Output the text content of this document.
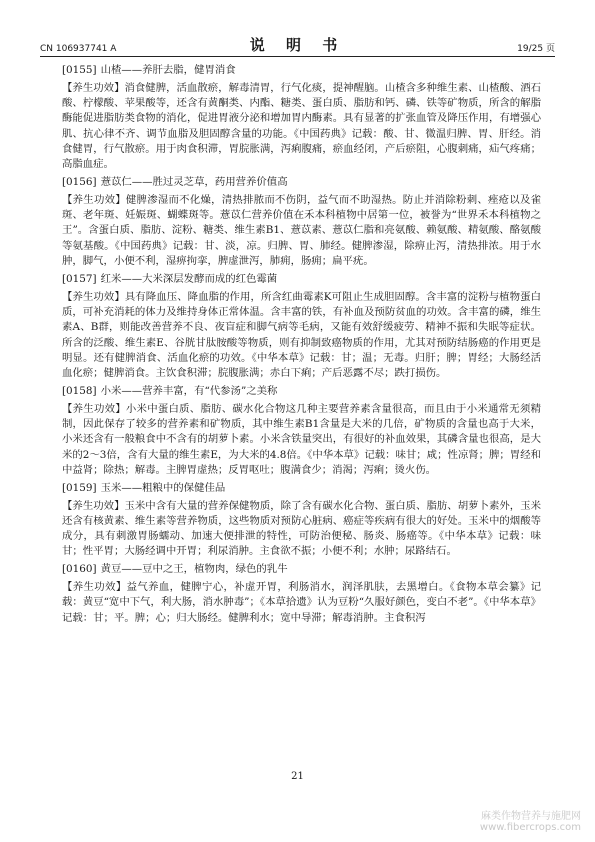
CN 106937741 A	说 明 书	19/25 页

[0155] 山楂——养肝去脂，健胃消食

【养生功效】消食健脾，活血散瘀，解毒清胃，行气化痰，提神醒脑。山楂含多种维生素、山楂酸、酒石酸、柠檬酸、苹果酸等，还含有黄酮类、内酯、糖类、蛋白质、脂肪和钙、磷、铁等矿物质，所含的解脂酶能促进脂肪类食物的消化，促进胃液分泌和增加胃内酶素。具有显著的扩张血管及降压作用，有增强心肌、抗心律不齐、调节血脂及胆固醇含量的功能。《中国药典》记载：酸、甘、微温归脾、胃、肝经。消食健胃，行气散瘀。用于肉食积滞，胃脘胀满，泻痢腹痛，瘀血经闭，产后瘀阻，心腹刺痛，疝气疼痛；高脂血症。

[0156] 薏苡仁——胜过灵芝草，药用营养价值高

【养生功效】健脾渗湿而不化燥，清热排脓而不伤阴，益气而不助湿热。防止并消除粉刺、痤疮以及雀斑、老年斑、妊娠斑、蝴蝶斑等。薏苡仁营养价值在禾本科植物中居第一位，被誉为“世界禾本科植物之王”。含蛋白质、脂肪、淀粉、糖类、维生素B1、薏苡素、薏苡仁脂和亮氨酸、赖氨酸、精氨酸、酪氨酸等氨基酸。《中国药典》记载：甘、淡，凉。归脾、胃、肺经。健脾渗湿，除痹止泻，清热排浓。用于水肿，脚气，小便不利，湿痹拘挛，脾虚泄泻，肺痈，肠痈；扁平疣。

[0157] 红米——大米深层发酵而成的红色霉菌

【养生功效】具有降血压、降血脂的作用，所含红曲霉素K可阻止生成胆固醇。含丰富的淀粉与植物蛋白质，可补充消耗的体力及维持身体正常体温。含丰富的铁，有补血及预防贫血的功效。含丰富的磷，维生素A、B群，则能改善营养不良、夜盲症和脚气病等毛病，又能有效舒缓疲劳、精神不振和失眠等症状。所含的泛酸、维生素E、谷胱甘肽胺酸等物质，则有抑制致癌物质的作用，尤其对预防结肠癌的作用更是明显。还有健脾消食、活血化瘀的功效。《中华本草》记载：甘；温；无毒。归肝；脾；胃经；大肠经活血化瘀；健脾消食。主饮食积滞；脘腹胀满；赤白下痢；产后恶露不尽；跌打损伤。

[0158] 小米——营养丰富，有“代参汤”之美称

【养生功效】小米中蛋白质、脂肪、碳水化合物这几种主要营养素含量很高，而且由于小米通常无须精制，因此保存了较多的营养素和矿物质，其中维生素B1含量是大米的几倍，矿物质的含量也高于大米，小米还含有一般粮食中不含有的胡萝卜素。小米含铁量突出，有很好的补血效果，其磷含量也很高，是大米的2～3倍，含有大量的维生素E，为大米的4.8倍。《中华本草》记载：味甘；咸；性凉肾；脾；胃经和中益肾；除热；解毒。主脾胃虚热；反胃呕吐；腹满食少；消渴；泻痢；烫火伤。

[0159] 玉米——粗粮中的保健佳品

【养生功效】玉米中含有大量的营养保健物质，除了含有碳水化合物、蛋白质、脂肪、胡萝卜素外，玉米还含有核黄素、维生素等营养物质，这些物质对预防心脏病、癌症等疾病有很大的好处。玉米中的烟酸等成分，具有刺激胃肠蠕动、加速大便排泄的特性，可防治便秘、肠炎、肠癌等。《中华本草》记载：味甘；性平胃；大肠经调中开胃；利尿消肿。主食欲不振；小便不利；水肿；尿路结石。

[0160] 黄豆——豆中之王，植物肉，绿色的乳牛

【养生功效】益气养血，健脾宁心，补虚开胃，利肠消水，润泽肌肤，去黑增白。《食物本草会纂》记载：黄豆“宽中下气，利大肠，消水肿毒”；《本草拾遗》认为豆粉“久服好颜色，变白不老”。《中华本草》记载：甘；平。脾；心；归大肠经。健脾利水；宽中导滞；解毒消肿。主食积泻

21
麻类作物营养与施肥网
www.fibercrops.com
